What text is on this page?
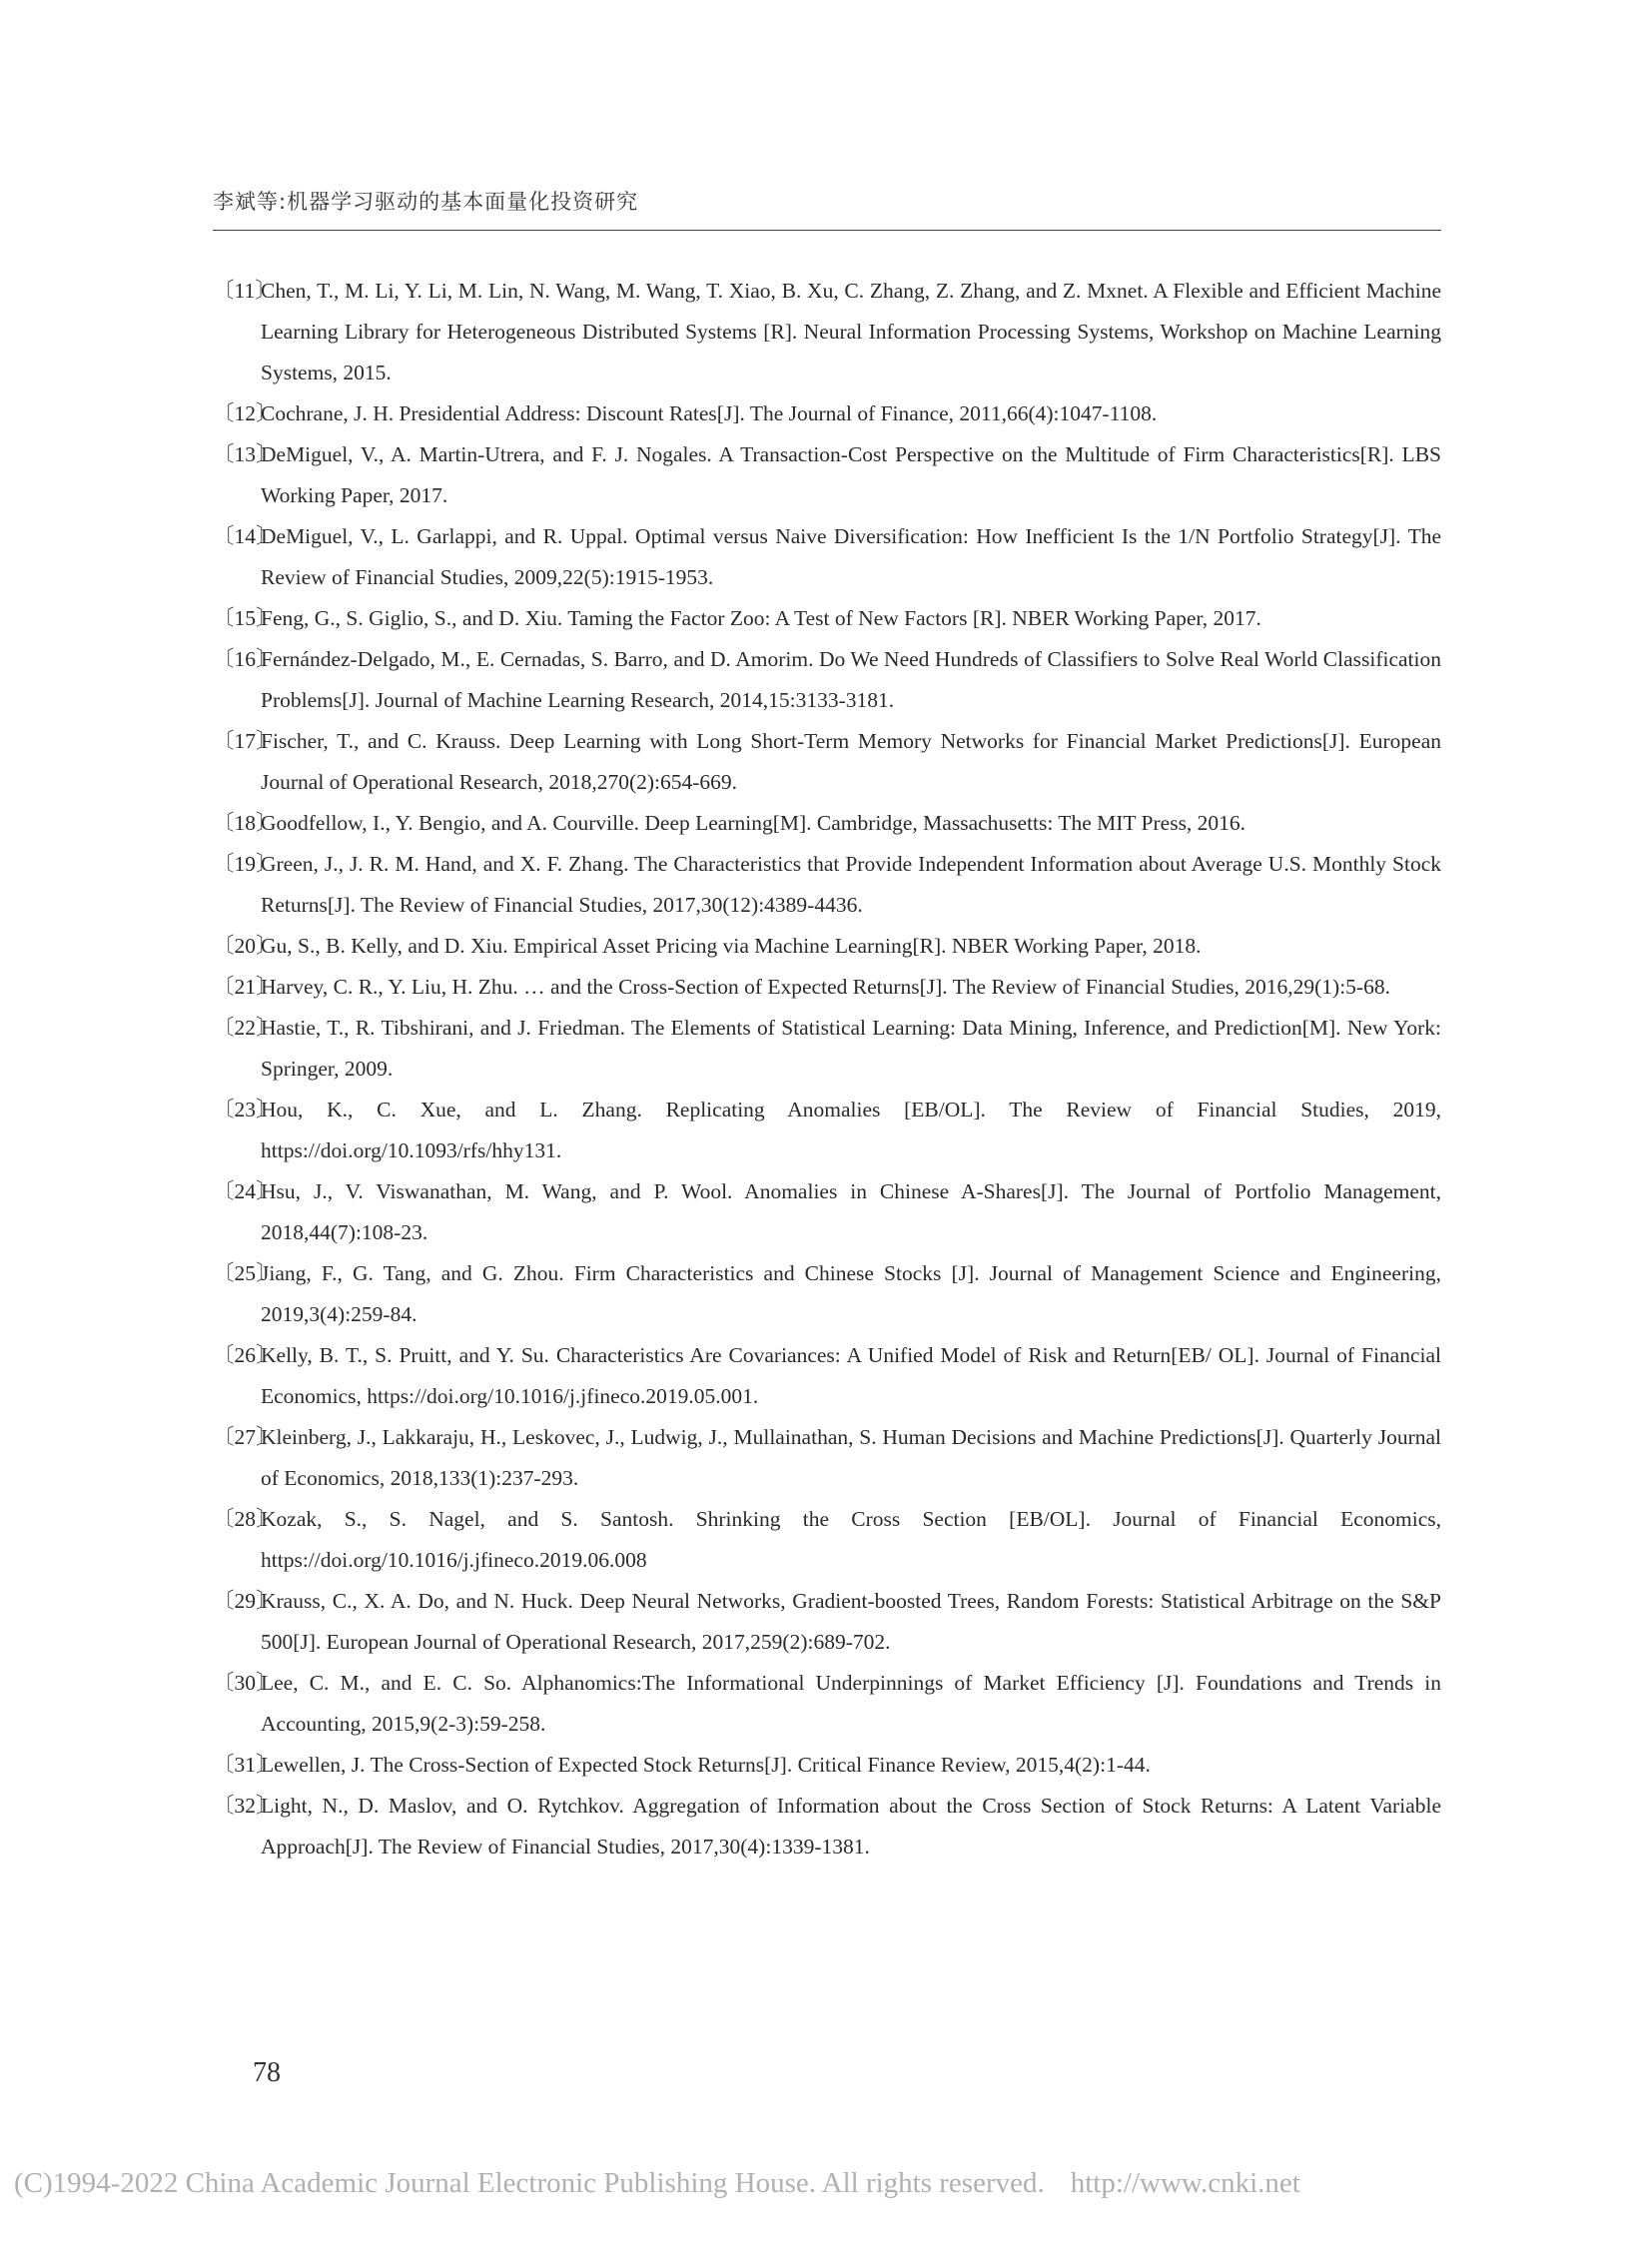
李斌等:机器学习驱动的基本面量化投资研究
〔11〕
Chen, T., M. Li, Y. Li, M. Lin, N. Wang, M. Wang, T. Xiao, B. Xu, C. Zhang, Z. Zhang, and Z. Mxnet. A Flexible and Efficient Machine Learning Library for Heterogeneous Distributed Systems [R]. Neural Information Processing Systems, Workshop on Machine Learning Systems, 2015.
〔12〕
Cochrane, J. H. Presidential Address: Discount Rates[J]. The Journal of Finance, 2011,66(4):1047-1108.
〔13〕
DeMiguel, V., A. Martin-Utrera, and F. J. Nogales. A Transaction-Cost Perspective on the Multitude of Firm Characteristics[R]. LBS Working Paper, 2017.
〔14〕
DeMiguel, V., L. Garlappi, and R. Uppal. Optimal versus Naive Diversification: How Inefficient Is the 1/N Portfolio Strategy[J]. The Review of Financial Studies, 2009,22(5):1915-1953.
〔15〕
Feng, G., S. Giglio, S., and D. Xiu. Taming the Factor Zoo: A Test of New Factors [R]. NBER Working Paper, 2017.
〔16〕
Fernández-Delgado, M., E. Cernadas, S. Barro, and D. Amorim. Do We Need Hundreds of Classifiers to Solve Real World Classification Problems[J]. Journal of Machine Learning Research, 2014,15:3133-3181.
〔17〕
Fischer, T., and C. Krauss. Deep Learning with Long Short-Term Memory Networks for Financial Market Predictions[J]. European Journal of Operational Research, 2018,270(2):654-669.
〔18〕
Goodfellow, I., Y. Bengio, and A. Courville. Deep Learning[M]. Cambridge, Massachusetts: The MIT Press, 2016.
〔19〕
Green, J., J. R. M. Hand, and X. F. Zhang. The Characteristics that Provide Independent Information about Average U.S. Monthly Stock Returns[J]. The Review of Financial Studies, 2017,30(12):4389-4436.
〔20〕
Gu, S., B. Kelly, and D. Xiu. Empirical Asset Pricing via Machine Learning[R]. NBER Working Paper, 2018.
〔21〕
Harvey, C. R., Y. Liu, H. Zhu. … and the Cross-Section of Expected Returns[J]. The Review of Financial Studies, 2016,29(1):5-68.
〔22〕
Hastie, T., R. Tibshirani, and J. Friedman. The Elements of Statistical Learning: Data Mining, Inference, and Prediction[M]. New York: Springer, 2009.
〔23〕
Hou, K., C. Xue, and L. Zhang. Replicating Anomalies [EB/OL]. The Review of Financial Studies, 2019, https://doi.org/10.1093/rfs/hhy131.
〔24〕
Hsu, J., V. Viswanathan, M. Wang, and P. Wool. Anomalies in Chinese A-Shares[J]. The Journal of Portfolio Management, 2018,44(7):108-23.
〔25〕
Jiang, F., G. Tang, and G. Zhou. Firm Characteristics and Chinese Stocks [J]. Journal of Management Science and Engineering, 2019,3(4):259-84.
〔26〕
Kelly, B. T., S. Pruitt, and Y. Su. Characteristics Are Covariances: A Unified Model of Risk and Return[EB/ OL]. Journal of Financial Economics, https://doi.org/10.1016/j.jfineco.2019.05.001.
〔27〕
Kleinberg, J., Lakkaraju, H., Leskovec, J., Ludwig, J., Mullainathan, S. Human Decisions and Machine Predictions[J]. Quarterly Journal of Economics, 2018,133(1):237-293.
〔28〕
Kozak, S., S. Nagel, and S. Santosh. Shrinking the Cross Section [EB/OL]. Journal of Financial Economics, https://doi.org/10.1016/j.jfineco.2019.06.008
〔29〕
Krauss, C., X. A. Do, and N. Huck. Deep Neural Networks, Gradient-boosted Trees, Random Forests: Statistical Arbitrage on the S&P 500[J]. European Journal of Operational Research, 2017,259(2):689-702.
〔30〕
Lee, C. M., and E. C. So. Alphanomics:The Informational Underpinnings of Market Efficiency [J]. Foundations and Trends in Accounting, 2015,9(2-3):59-258.
〔31〕
Lewellen, J. The Cross-Section of Expected Stock Returns[J]. Critical Finance Review, 2015,4(2):1-44.
〔32〕
Light, N., D. Maslov, and O. Rytchkov. Aggregation of Information about the Cross Section of Stock Returns: A Latent Variable Approach[J]. The Review of Financial Studies, 2017,30(4):1339-1381.
78
(C)1994-2022 China Academic Journal Electronic Publishing House. All rights reserved. http://www.cnki.net
